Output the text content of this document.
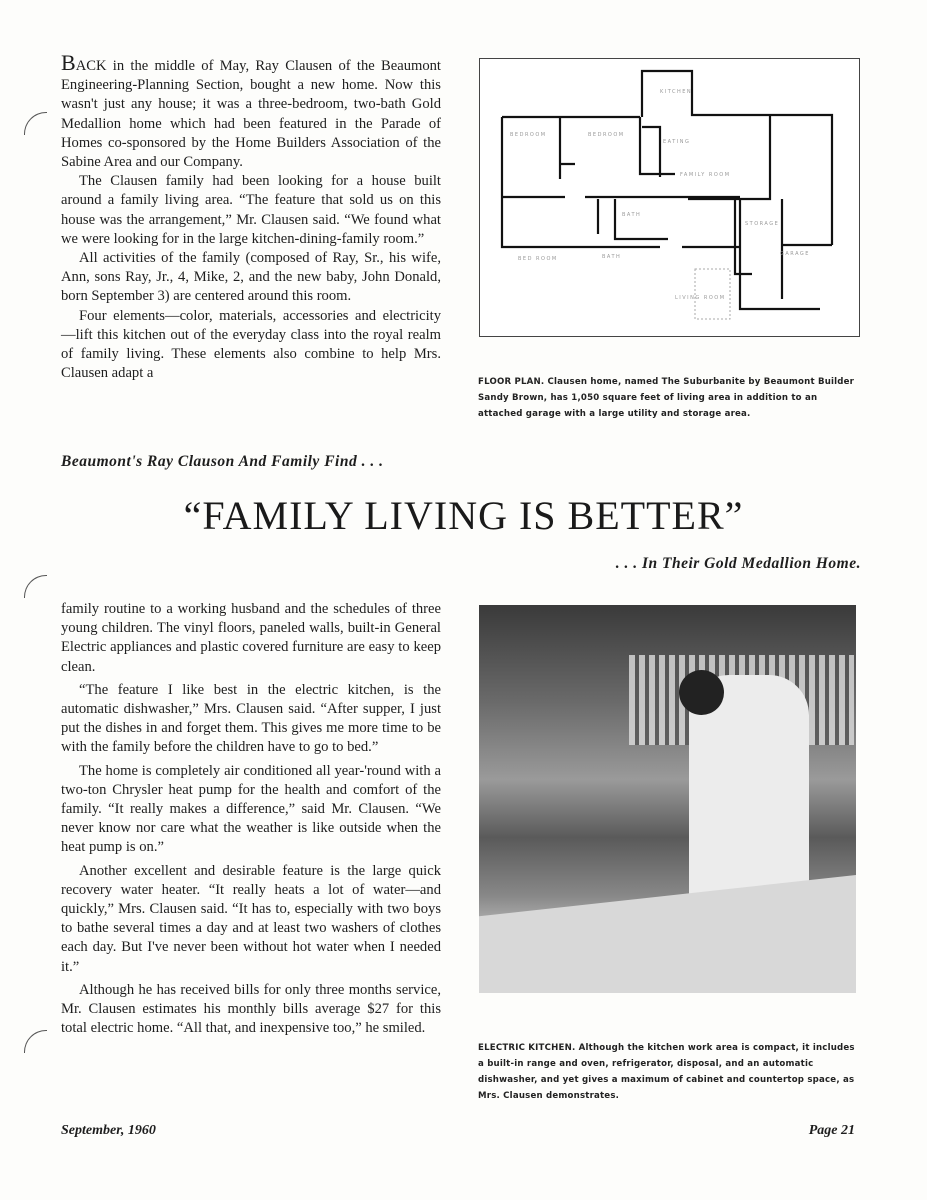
BACK in the middle of May, Ray Clausen of the Beaumont Engineering-Planning Section, bought a new home. Now this wasn't just any house; it was a three-bedroom, two-bath Gold Medallion home which had been featured in the Parade of Homes co-sponsored by the Home Builders Association of the Sabine Area and our Company.

The Clausen family had been looking for a house built around a family living area. “The feature that sold us on this house was the arrangement,” Mr. Clausen said. “We found what we were looking for in the large kitchen-dining-family room.”

All activities of the family (composed of Ray, Sr., his wife, Ann, sons Ray, Jr., 4, Mike, 2, and the new baby, John Donald, born September 3) are centered around this room.

Four elements—color, materials, accessories and electricity—lift this kitchen out of the everyday class into the royal realm of family living. These elements also combine to help Mrs. Clausen adapt a

KITCHEN
BEDROOM	BEDROOM
EATING
FAMILY ROOM
STORAGE
BATH
BATH
BED ROOM
GARAGE
LIVING ROOM
FLOOR PLAN. Clausen home, named The Suburbanite by Beaumont Builder Sandy Brown, has 1,050 square feet of living area in addition to an attached garage with a large utility and storage area.
Beaumont's Ray Clauson And Family Find . . .
“FAMILY LIVING IS BETTER”
. . . In Their Gold Medallion Home.

family routine to a working husband and the schedules of three young children. The vinyl floors, paneled walls, built-in General Electric appliances and plastic covered furniture are easy to keep clean.

“The feature I like best in the electric kitchen, is the automatic dishwasher,” Mrs. Clausen said. “After supper, I just put the dishes in and forget them. This gives me more time to be with the family before the children have to go to bed.”

The home is completely air conditioned all year-'round with a two-ton Chrysler heat pump for the health and comfort of the family. “It really makes a difference,” said Mr. Clausen. “We never know nor care what the weather is like outside when the heat pump is on.”

Another excellent and desirable feature is the large quick recovery water heater. “It really heats a lot of water—and quickly,” Mrs. Clausen said. “It has to, especially with two boys to bathe several times a day and at least two washers of clothes each day. But I've never been without hot water when I needed it.”

Although he has received bills for only three months service, Mr. Clausen estimates his monthly bills average $27 for this total electric home. “All that, and inexpensive too,” he smiled.

ELECTRIC KITCHEN. Although the kitchen work area is compact, it includes a built-in range and oven, refrigerator, disposal, and an automatic dishwasher, and yet gives a maximum of cabinet and countertop space, as Mrs. Clausen demonstrates.
September, 1960	Page 21
